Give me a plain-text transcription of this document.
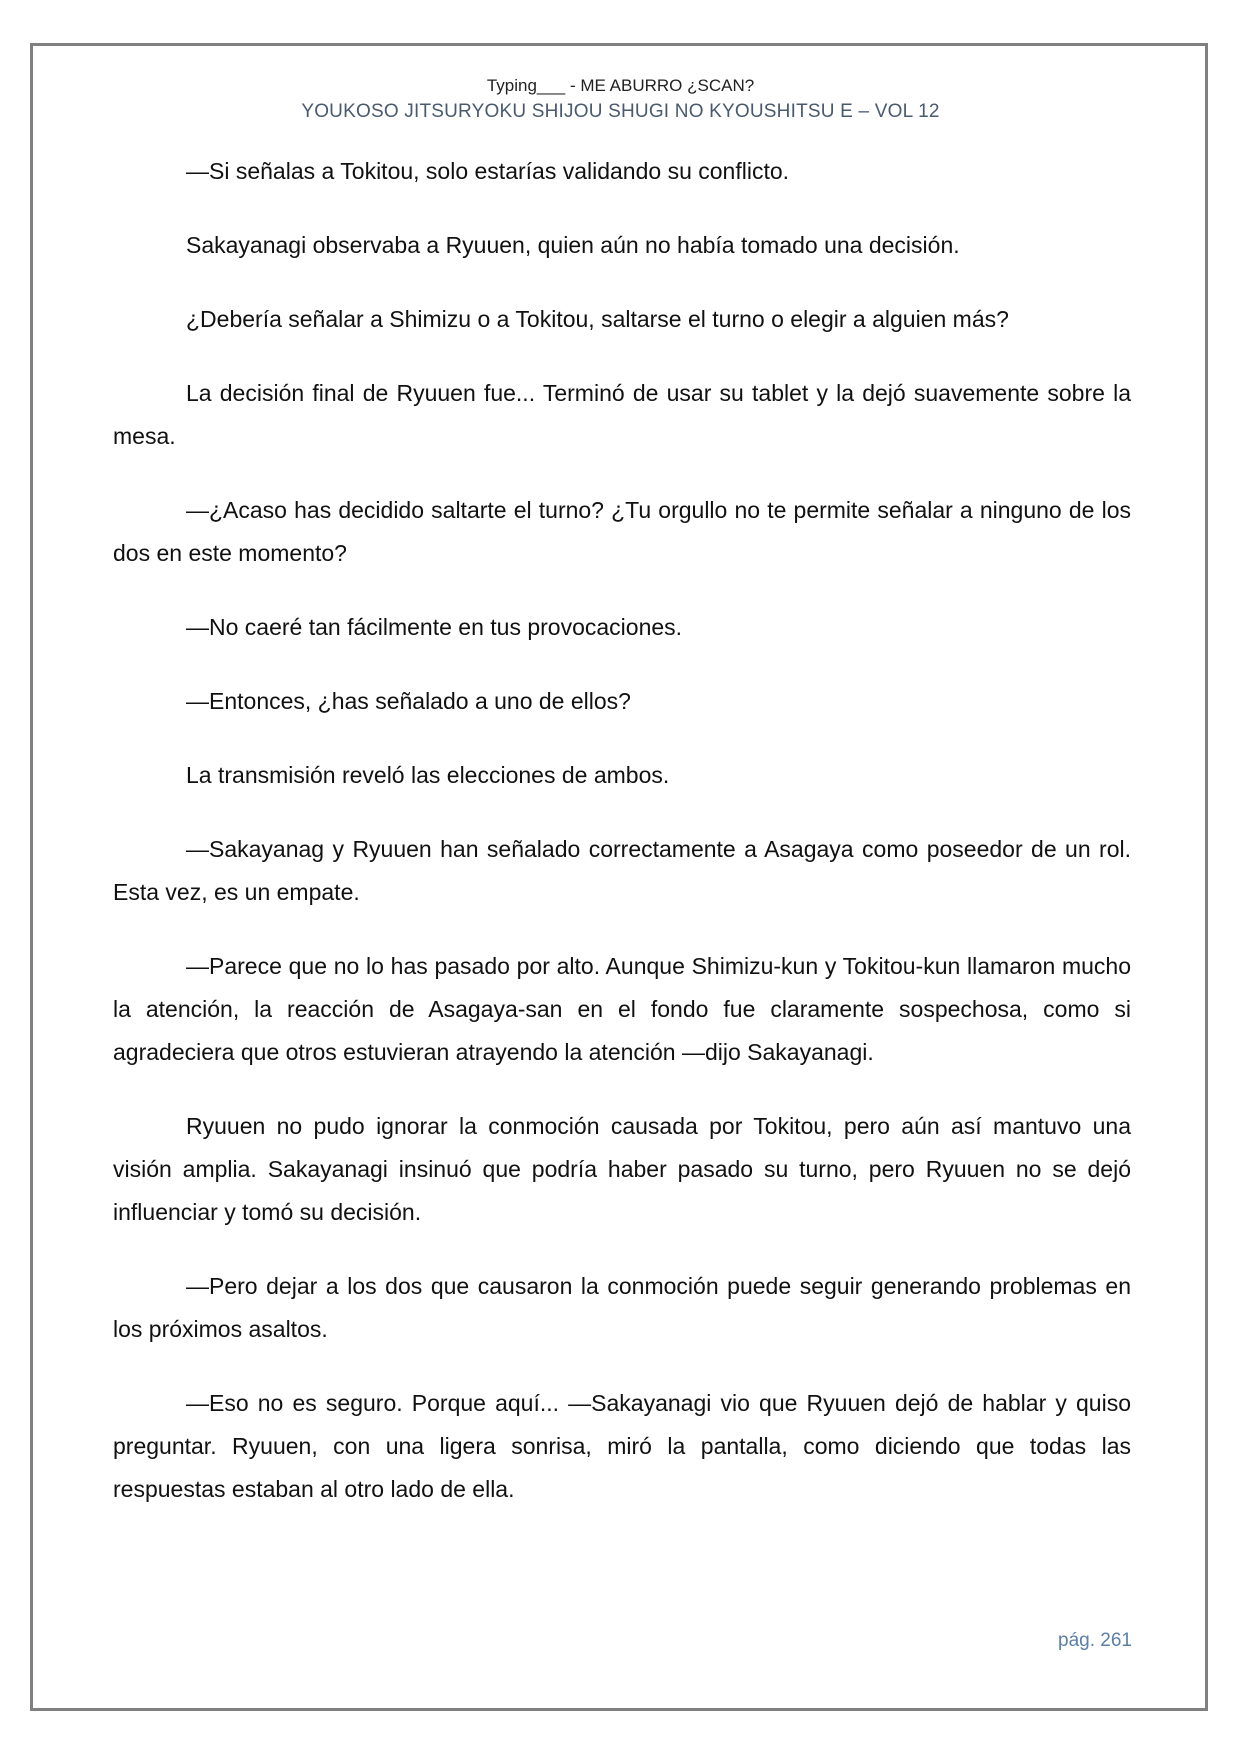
Typing___ - ME ABURRO ¿SCAN?
YOUKOSO JITSURYOKU SHIJOU SHUGI NO KYOUSHITSU E – VOL 12

—Si señalas a Tokitou, solo estarías validando su conflicto.

Sakayanagi observaba a Ryuuen, quien aún no había tomado una decisión.

¿Debería señalar a Shimizu o a Tokitou, saltarse el turno o elegir a alguien más?

La decisión final de Ryuuen fue... Terminó de usar su tablet y la dejó suavemente sobre la mesa.

—¿Acaso has decidido saltarte el turno? ¿Tu orgullo no te permite señalar a ninguno de los dos en este momento?

—No caeré tan fácilmente en tus provocaciones.

—Entonces, ¿has señalado a uno de ellos?

La transmisión reveló las elecciones de ambos.

—Sakayanag y Ryuuen han señalado correctamente a Asagaya como poseedor de un rol. Esta vez, es un empate.

—Parece que no lo has pasado por alto. Aunque Shimizu-kun y Tokitou-kun llamaron mucho la atención, la reacción de Asagaya-san en el fondo fue claramente sospechosa, como si agradeciera que otros estuvieran atrayendo la atención —dijo Sakayanagi.

Ryuuen no pudo ignorar la conmoción causada por Tokitou, pero aún así mantuvo una visión amplia. Sakayanagi insinuó que podría haber pasado su turno, pero Ryuuen no se dejó influenciar y tomó su decisión.

—Pero dejar a los dos que causaron la conmoción puede seguir generando problemas en los próximos asaltos.

—Eso no es seguro. Porque aquí... —Sakayanagi vio que Ryuuen dejó de hablar y quiso preguntar. Ryuuen, con una ligera sonrisa, miró la pantalla, como diciendo que todas las respuestas estaban al otro lado de ella.

pág. 261
